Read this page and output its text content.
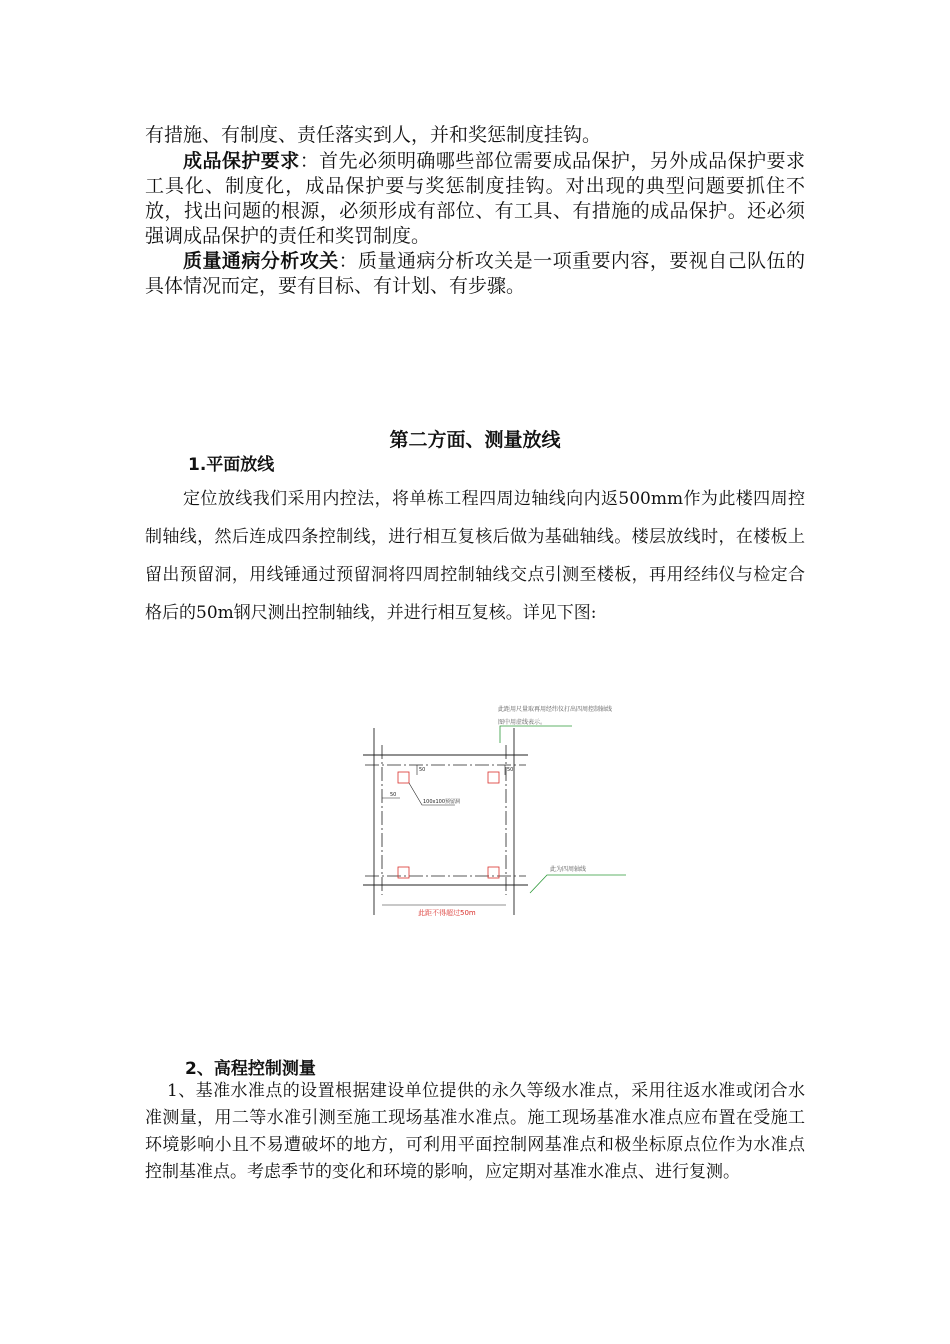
有措施、有制度、责任落实到人，并和奖惩制度挂钩。
成品保护要求：首先必须明确哪些部位需要成品保护，另外成品保护要求工具化、制度化，成品保护要与奖惩制度挂钩。对出现的典型问题要抓住不放，找出问题的根源，必须形成有部位、有工具、有措施的成品保护。还必须强调成品保护的责任和奖罚制度。
质量通病分析攻关：质量通病分析攻关是一项重要内容，要视自己队伍的具体情况而定，要有目标、有计划、有步骤。
第二方面、测量放线
1.平面放线
定位放线我们采用内控法，将单栋工程四周边轴线向内返500mm作为此楼四周控制轴线，然后连成四条控制线，进行相互复核后做为基础轴线。楼层放线时，在楼板上留出预留洞，用线锤通过预留洞将四周控制轴线交点引测至楼板，再用经纬仪与检定合格后的50m钢尺测出控制轴线，并进行相互复核。详见下图:
此距用尺量取再用经纬仪打出四周控制轴线
图中用虚线表示。
50	50
50
100x100预留洞
此为四周轴线
此距不得超过50m
2、高程控制测量
1、基准水准点的设置根据建设单位提供的永久等级水准点，采用往返水准或闭合水准测量，用二等水准引测至施工现场基准水准点。施工现场基准水准点应布置在受施工环境影响小且不易遭破坏的地方，可利用平面控制网基准点和极坐标原点位作为水准点控制基准点。考虑季节的变化和环境的影响，应定期对基准水准点、进行复测。
